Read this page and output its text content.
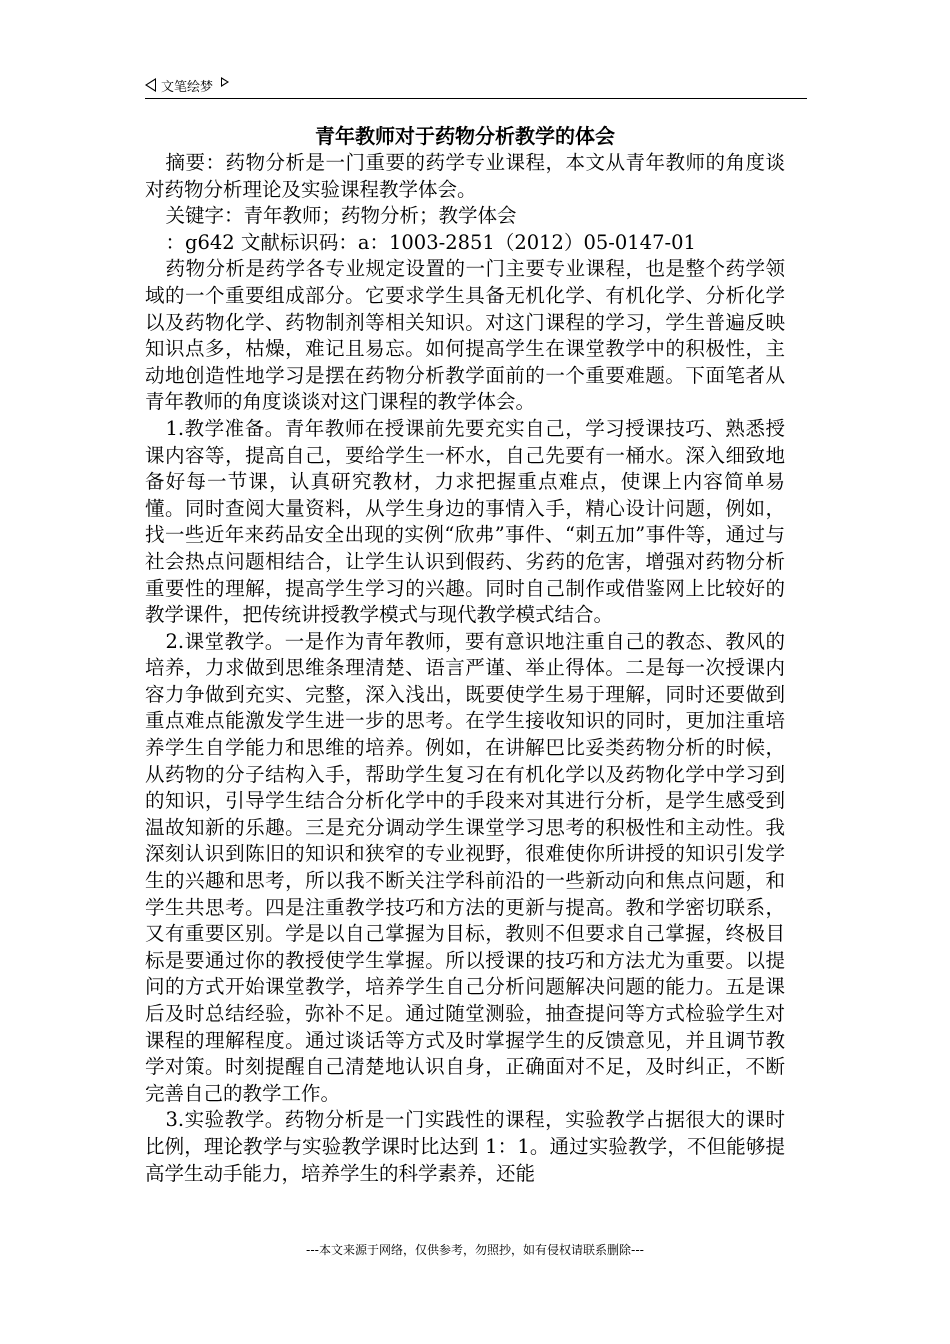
文笔绘梦
青年教师对于药物分析教学的体会

摘要：药物分析是一门重要的药学专业课程，本文从青年教师的角度谈对药物分析理论及实验课程教学体会。

关键字：青年教师；药物分析；教学体会

：g642 文献标识码：a：1003-2851（2012）05-0147-01

药物分析是药学各专业规定设置的一门主要专业课程，也是整个药学领域的一个重要组成部分。它要求学生具备无机化学、有机化学、分析化学以及药物化学、药物制剂等相关知识。对这门课程的学习，学生普遍反映知识点多，枯燥，难记且易忘。如何提高学生在课堂教学中的积极性，主动地创造性地学习是摆在药物分析教学面前的一个重要难题。下面笔者从青年教师的角度谈谈对这门课程的教学体会。

1.教学准备。青年教师在授课前先要充实自己，学习授课技巧、熟悉授课内容等，提高自己，要给学生一杯水，自己先要有一桶水。深入细致地备好每一节课，认真研究教材，力求把握重点难点，使课上内容简单易懂。同时查阅大量资料，从学生身边的事情入手，精心设计问题，例如，找一些近年来药品安全出现的实例“欣弗”事件、“刺五加”事件等，通过与社会热点问题相结合，让学生认识到假药、劣药的危害，增强对药物分析重要性的理解，提高学生学习的兴趣。同时自己制作或借鉴网上比较好的教学课件，把传统讲授教学模式与现代教学模式结合。

2.课堂教学。一是作为青年教师，要有意识地注重自己的教态、教风的培养，力求做到思维条理清楚、语言严谨、举止得体。二是每一次授课内容力争做到充实、完整，深入浅出，既要使学生易于理解，同时还要做到重点难点能激发学生进一步的思考。在学生接收知识的同时，更加注重培养学生自学能力和思维的培养。例如，在讲解巴比妥类药物分析的时候，从药物的分子结构入手，帮助学生复习在有机化学以及药物化学中学习到的知识，引导学生结合分析化学中的手段来对其进行分析，是学生感受到温故知新的乐趣。三是充分调动学生课堂学习思考的积极性和主动性。我深刻认识到陈旧的知识和狭窄的专业视野，很难使你所讲授的知识引发学生的兴趣和思考，所以我不断关注学科前沿的一些新动向和焦点问题，和学生共思考。四是注重教学技巧和方法的更新与提高。教和学密切联系，又有重要区别。学是以自己掌握为目标，教则不但要求自己掌握，终极目标是要通过你的教授使学生掌握。所以授课的技巧和方法尤为重要。以提问的方式开始课堂教学，培养学生自己分析问题解决问题的能力。五是课后及时总结经验，弥补不足。通过随堂测验，抽查提问等方式检验学生对课程的理解程度。通过谈话等方式及时掌握学生的反馈意见，并且调节教学对策。时刻提醒自己清楚地认识自身，正确面对不足，及时纠正，不断完善自己的教学工作。

3.实验教学。药物分析是一门实践性的课程，实验教学占据很大的课时比例，理论教学与实验教学课时比达到 1：1。通过实验教学，不但能够提高学生动手能力，培养学生的科学素养，还能

---本文来源于网络，仅供参考，勿照抄，如有侵权请联系删除---
